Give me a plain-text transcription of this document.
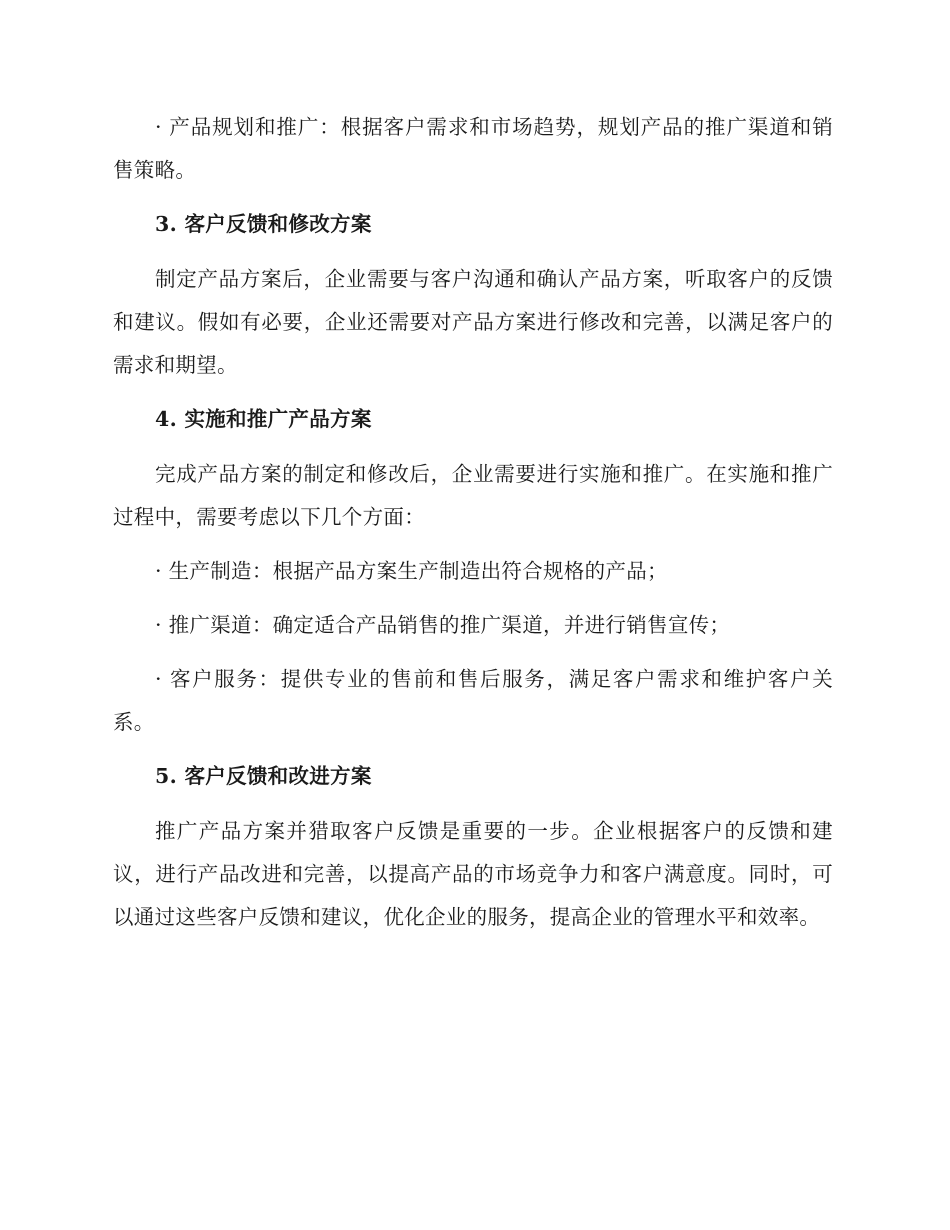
· 产品规划和推广：根据客户需求和市场趋势，规划产品的推广渠道和销售策略。

3. 客户反馈和修改方案

制定产品方案后，企业需要与客户沟通和确认产品方案，听取客户的反馈和建议。假如有必要，企业还需要对产品方案进行修改和完善，以满足客户的需求和期望。

4. 实施和推广产品方案

完成产品方案的制定和修改后，企业需要进行实施和推广。在实施和推广过程中，需要考虑以下几个方面：

· 生产制造：根据产品方案生产制造出符合规格的产品；

· 推广渠道：确定适合产品销售的推广渠道，并进行销售宣传；

· 客户服务：提供专业的售前和售后服务，满足客户需求和维护客户关系。

5. 客户反馈和改进方案

推广产品方案并猎取客户反馈是重要的一步。企业根据客户的反馈和建议，进行产品改进和完善，以提高产品的市场竞争力和客户满意度。同时，可以通过这些客户反馈和建议，优化企业的服务，提高企业的管理水平和效率。
